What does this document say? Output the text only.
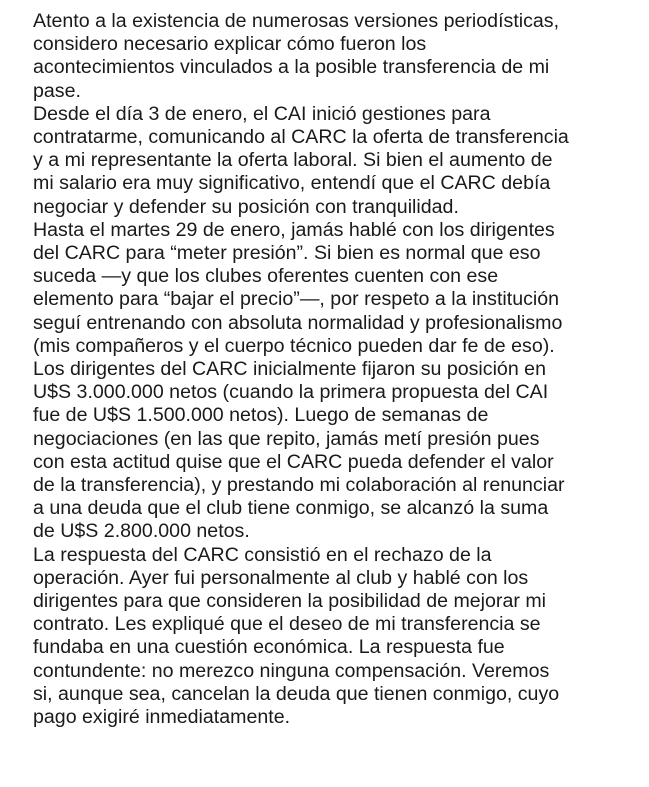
Atento a la existencia de numerosas versiones periodísticas,
considero necesario explicar cómo fueron los
acontecimientos vinculados a la posible transferencia de mi
pase.
Desde el día 3 de enero, el CAI inició gestiones para
contratarme, comunicando al CARC la oferta de transferencia
y a mi representante la oferta laboral. Si bien el aumento de
mi salario era muy significativo, entendí que el CARC debía
negociar y defender su posición con tranquilidad.
Hasta el martes 29 de enero, jamás hablé con los dirigentes
del CARC para “meter presión”. Si bien es normal que eso
suceda —y que los clubes oferentes cuenten con ese
elemento para “bajar el precio”—, por respeto a la institución
seguí entrenando con absoluta normalidad y profesionalismo
(mis compañeros y el cuerpo técnico pueden dar fe de eso).
Los dirigentes del CARC inicialmente fijaron su posición en
U$S 3.000.000 netos (cuando la primera propuesta del CAI
fue de U$S 1.500.000 netos). Luego de semanas de
negociaciones (en las que repito, jamás metí presión pues
con esta actitud quise que el CARC pueda defender el valor
de la transferencia), y prestando mi colaboración al renunciar
a una deuda que el club tiene conmigo, se alcanzó la suma
de U$S 2.800.000 netos.
La respuesta del CARC consistió en el rechazo de la
operación. Ayer fui personalmente al club y hablé con los
dirigentes para que consideren la posibilidad de mejorar mi
contrato. Les expliqué que el deseo de mi transferencia se
fundaba en una cuestión económica. La respuesta fue
contundente: no merezco ninguna compensación. Veremos
si, aunque sea, cancelan la deuda que tienen conmigo, cuyo
pago exigiré inmediatamente.
